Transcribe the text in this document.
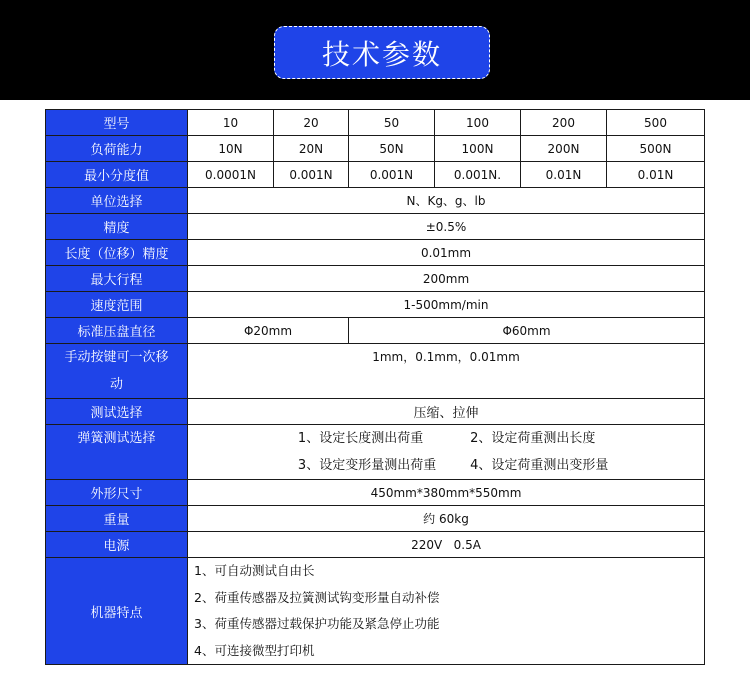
技术参数
型号	10	20	50	100	200	500
负荷能力	10N	20N	50N	100N	200N	500N
最小分度值	0.0001N	0.001N	0.001N	0.001N.	0.01N	0.01N
单位选择	N、Kg、g、lb					
精度	±0.5%					
长度（位移）精度	0.01mm					
最大行程	200mm					
速度范围	1-500mm/min					
标准压盘直径	Φ20mm		Φ60mm			

手动按键可一次移
动	1mm，0.1mm，0.01mm					
测试选择	压缩、拉伸					
弹簧测试选择	1、设定长度测出荷重 2、设定荷重测出长度
3、设定变形量测出荷重 4、设定荷重测出变形量					

外形尺寸	450mm*380mm*550mm					
重量	约 60kg					
电源	220V   0.5A					
机器特点	1、可自动测试自由长
2、荷重传感器及拉簧测试钩变形量自动补偿
3、荷重传感器过载保护功能及紧急停止功能
4、可连接微型打印机					
